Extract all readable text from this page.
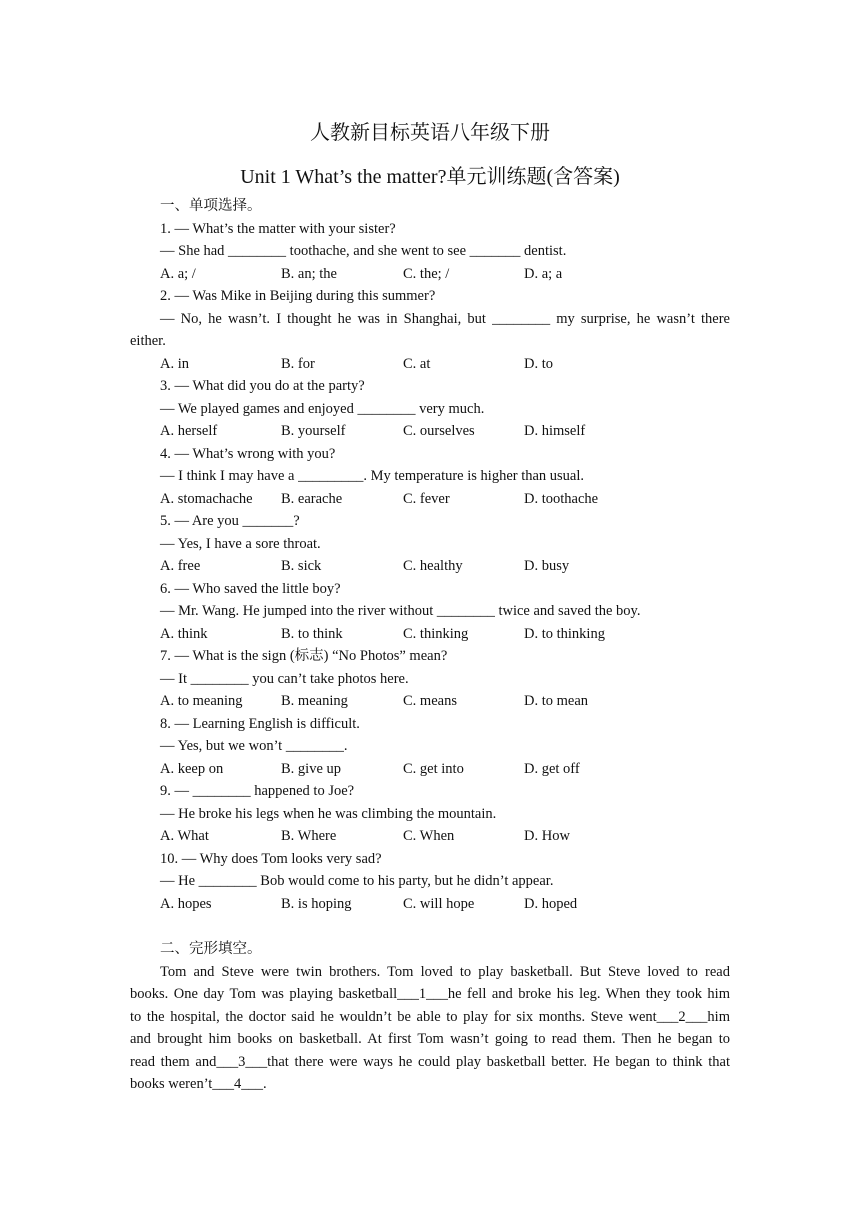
人教新目标英语八年级下册
Unit 1 What’s the matter?单元训练题(含答案)
一、单项选择。
1. — What’s the matter with your sister?
— She had ________ toothache, and she went to see _______ dentist.
A. a; /	B. an; the	C. the; /	D. a; a
2. — Was Mike in Beijing during this summer?
— No, he wasn’t. I thought he was in Shanghai, but ________ my surprise, he wasn’t there
either.
A. in	B. for	C. at	D. to
3. — What did you do at the party?
— We played games and enjoyed ________ very much.
A. herself	B. yourself	C. ourselves	D. himself
4. — What’s wrong with you?
— I think I may have a _________. My temperature is higher than usual.
A. stomachache B. earache	C. fever	D. toothache
5. — Are you _______?
— Yes, I have a sore throat.
A. free	B. sick	C. healthy	D. busy
6. — Who saved the little boy?
— Mr. Wang. He jumped into the river without ________ twice and saved the boy.
A. think	B. to think	C. thinking	D. to thinking
7. — What is the sign (标志) “No Photos” mean?
— It ________ you can’t take photos here.
A. to meaning	B. meaning	C. means	D. to mean
8. — Learning English is difficult.
— Yes, but we won’t ________.
A. keep on	B. give up	C. get into	D. get off
9. — ________ happened to Joe?
— He broke his legs when he was climbing the mountain.
A. What	B. Where	C. When	D. How
10. — Why does Tom looks very sad?
— He ________ Bob would come to his party, but he didn’t appear.
A. hopes	B. is hoping	C. will hope	D. hoped
二、完形填空。
Tom and Steve were twin brothers. Tom loved to play basketball. But Steve loved to read
books. One day Tom was playing basketball___1___he fell and broke his leg. When they took him
to the hospital, the doctor said he wouldn’t be able to play for six months. Steve went___2___him
and brought him books on basketball. At first Tom wasn’t going to read them. Then he began to
read them and___3___that there were ways he could play basketball better. He began to think that
books weren’t___4___.
